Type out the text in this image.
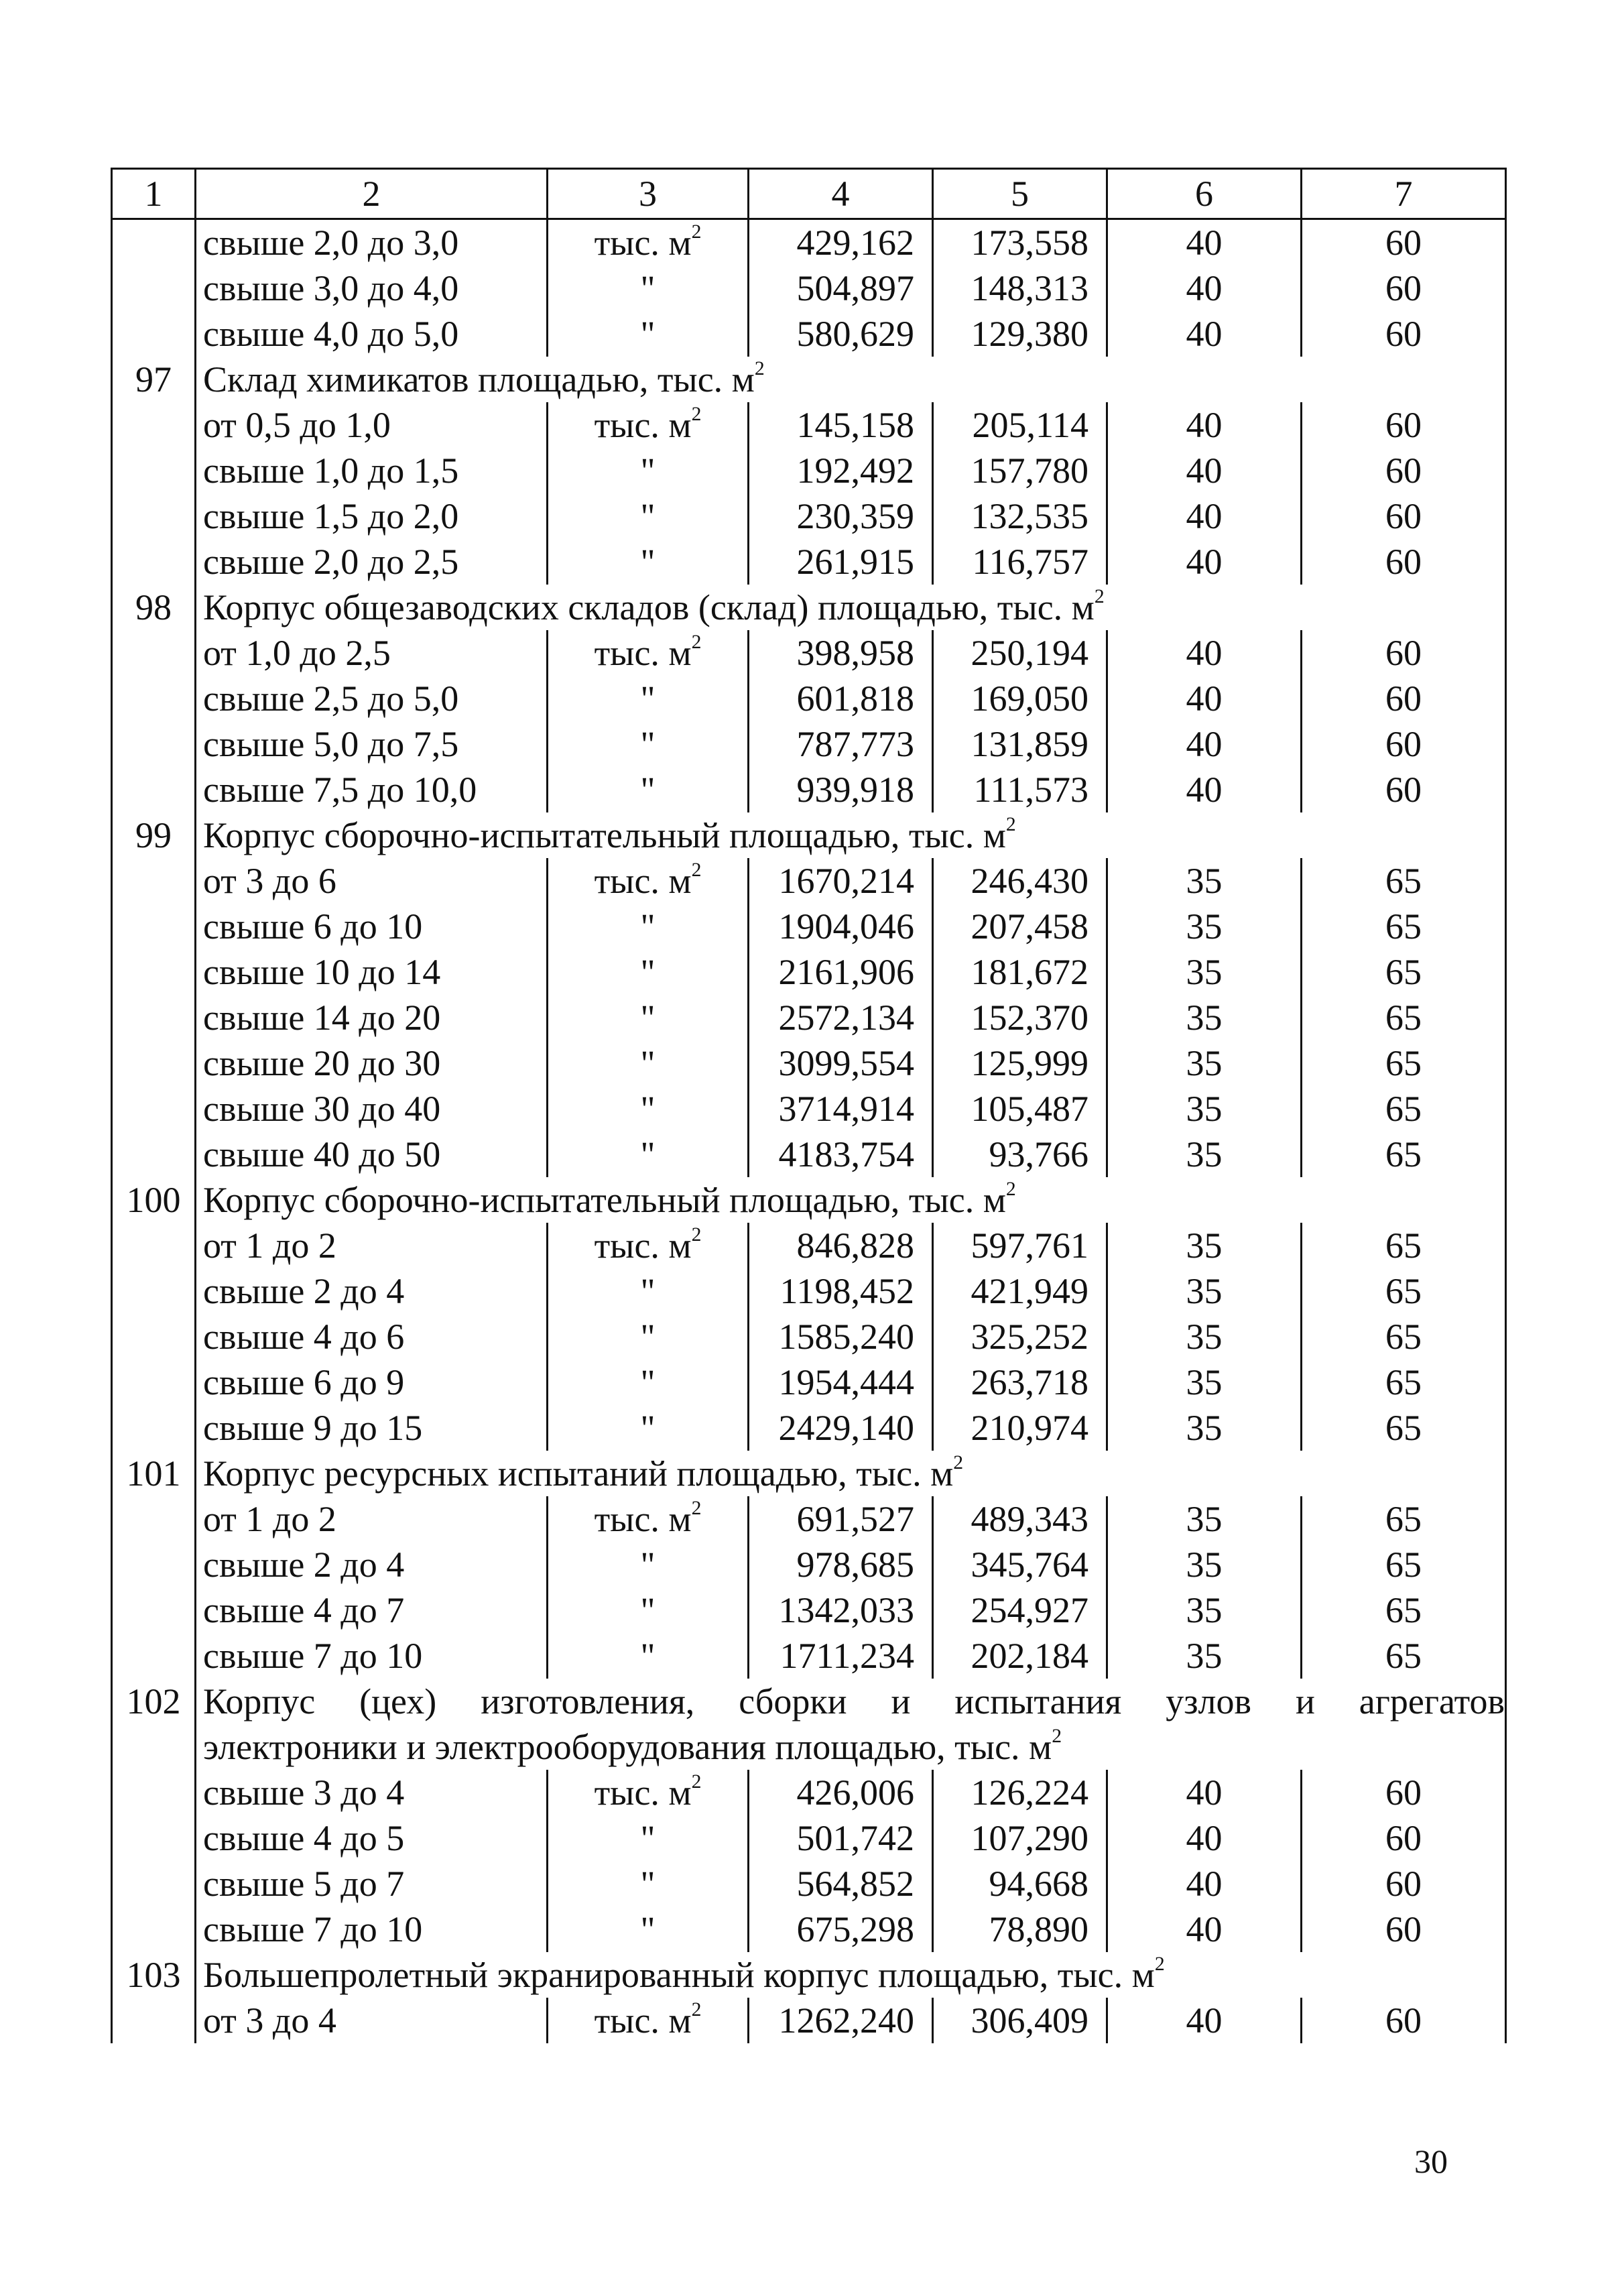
1	2	3	4	5	6	7
	свыше 2,0 до 3,0	тыс. $м^2$	429,162	173,558	40	60
	свыше 3,0 до 4,0	"	504,897	148,313	40	60
	свыше 4,0 до 5,0	"	580,629	129,380	40	60
97	Склад химикатов площадью, тыс. $м^2$
	от 0,5 до 1,0	тыс. $м^2$	145,158	205,114	40	60
	свыше 1,0 до 1,5	"	192,492	157,780	40	60
	свыше 1,5 до 2,0	"	230,359	132,535	40	60
	свыше 2,0 до 2,5	"	261,915	116,757	40	60
98	Корпус общезаводских складов (склад) площадью, тыс. $м^2$
	от 1,0 до 2,5	тыс. $м^2$	398,958	250,194	40	60
	свыше 2,5 до 5,0	"	601,818	169,050	40	60
	свыше 5,0 до 7,5	"	787,773	131,859	40	60
	свыше 7,5 до 10,0	"	939,918	111,573	40	60
99	Корпус сборочно-испытательный площадью, тыс. $м^2$
	от 3 до 6	тыс. $м^2$	1670,214	246,430	35	65
	свыше 6 до 10	"	1904,046	207,458	35	65
	свыше 10 до 14	"	2161,906	181,672	35	65
	свыше 14 до 20	"	2572,134	152,370	35	65
	свыше 20 до 30	"	3099,554	125,999	35	65
	свыше 30 до 40	"	3714,914	105,487	35	65
	свыше 40 до 50	"	4183,754	93,766	35	65
100	Корпус сборочно-испытательный площадью, тыс. $м^2$
	от 1 до 2	тыс. $м^2$	846,828	597,761	35	65
	свыше 2 до 4	"	1198,452	421,949	35	65
	свыше 4 до 6	"	1585,240	325,252	35	65
	свыше 6 до 9	"	1954,444	263,718	35	65
	свыше 9 до 15	"	2429,140	210,974	35	65
101	Корпус ресурсных испытаний площадью, тыс. $м^2$
	от 1 до 2	тыс. $м^2$	691,527	489,343	35	65
	свыше 2 до 4	"	978,685	345,764	35	65
	свыше 4 до 7	"	1342,033	254,927	35	65
	свыше 7 до 10	"	1711,234	202,184	35	65
102	Корпус (цех) изготовления, сборки и испытания узлов и агрегатов					
	электроники и электрооборудования площадью, тыс. $м^2$
	свыше 3 до 4	тыс. $м^2$	426,006	126,224	40	60
	свыше 4 до 5	"	501,742	107,290	40	60
	свыше 5 до 7	"	564,852	94,668	40	60
	свыше 7 до 10	"	675,298	78,890	40	60
103	Большепролетный экранированный корпус площадью, тыс. $м^2$
	от 3 до 4	тыс. $м^2$	1262,240	306,409	40	60
30
